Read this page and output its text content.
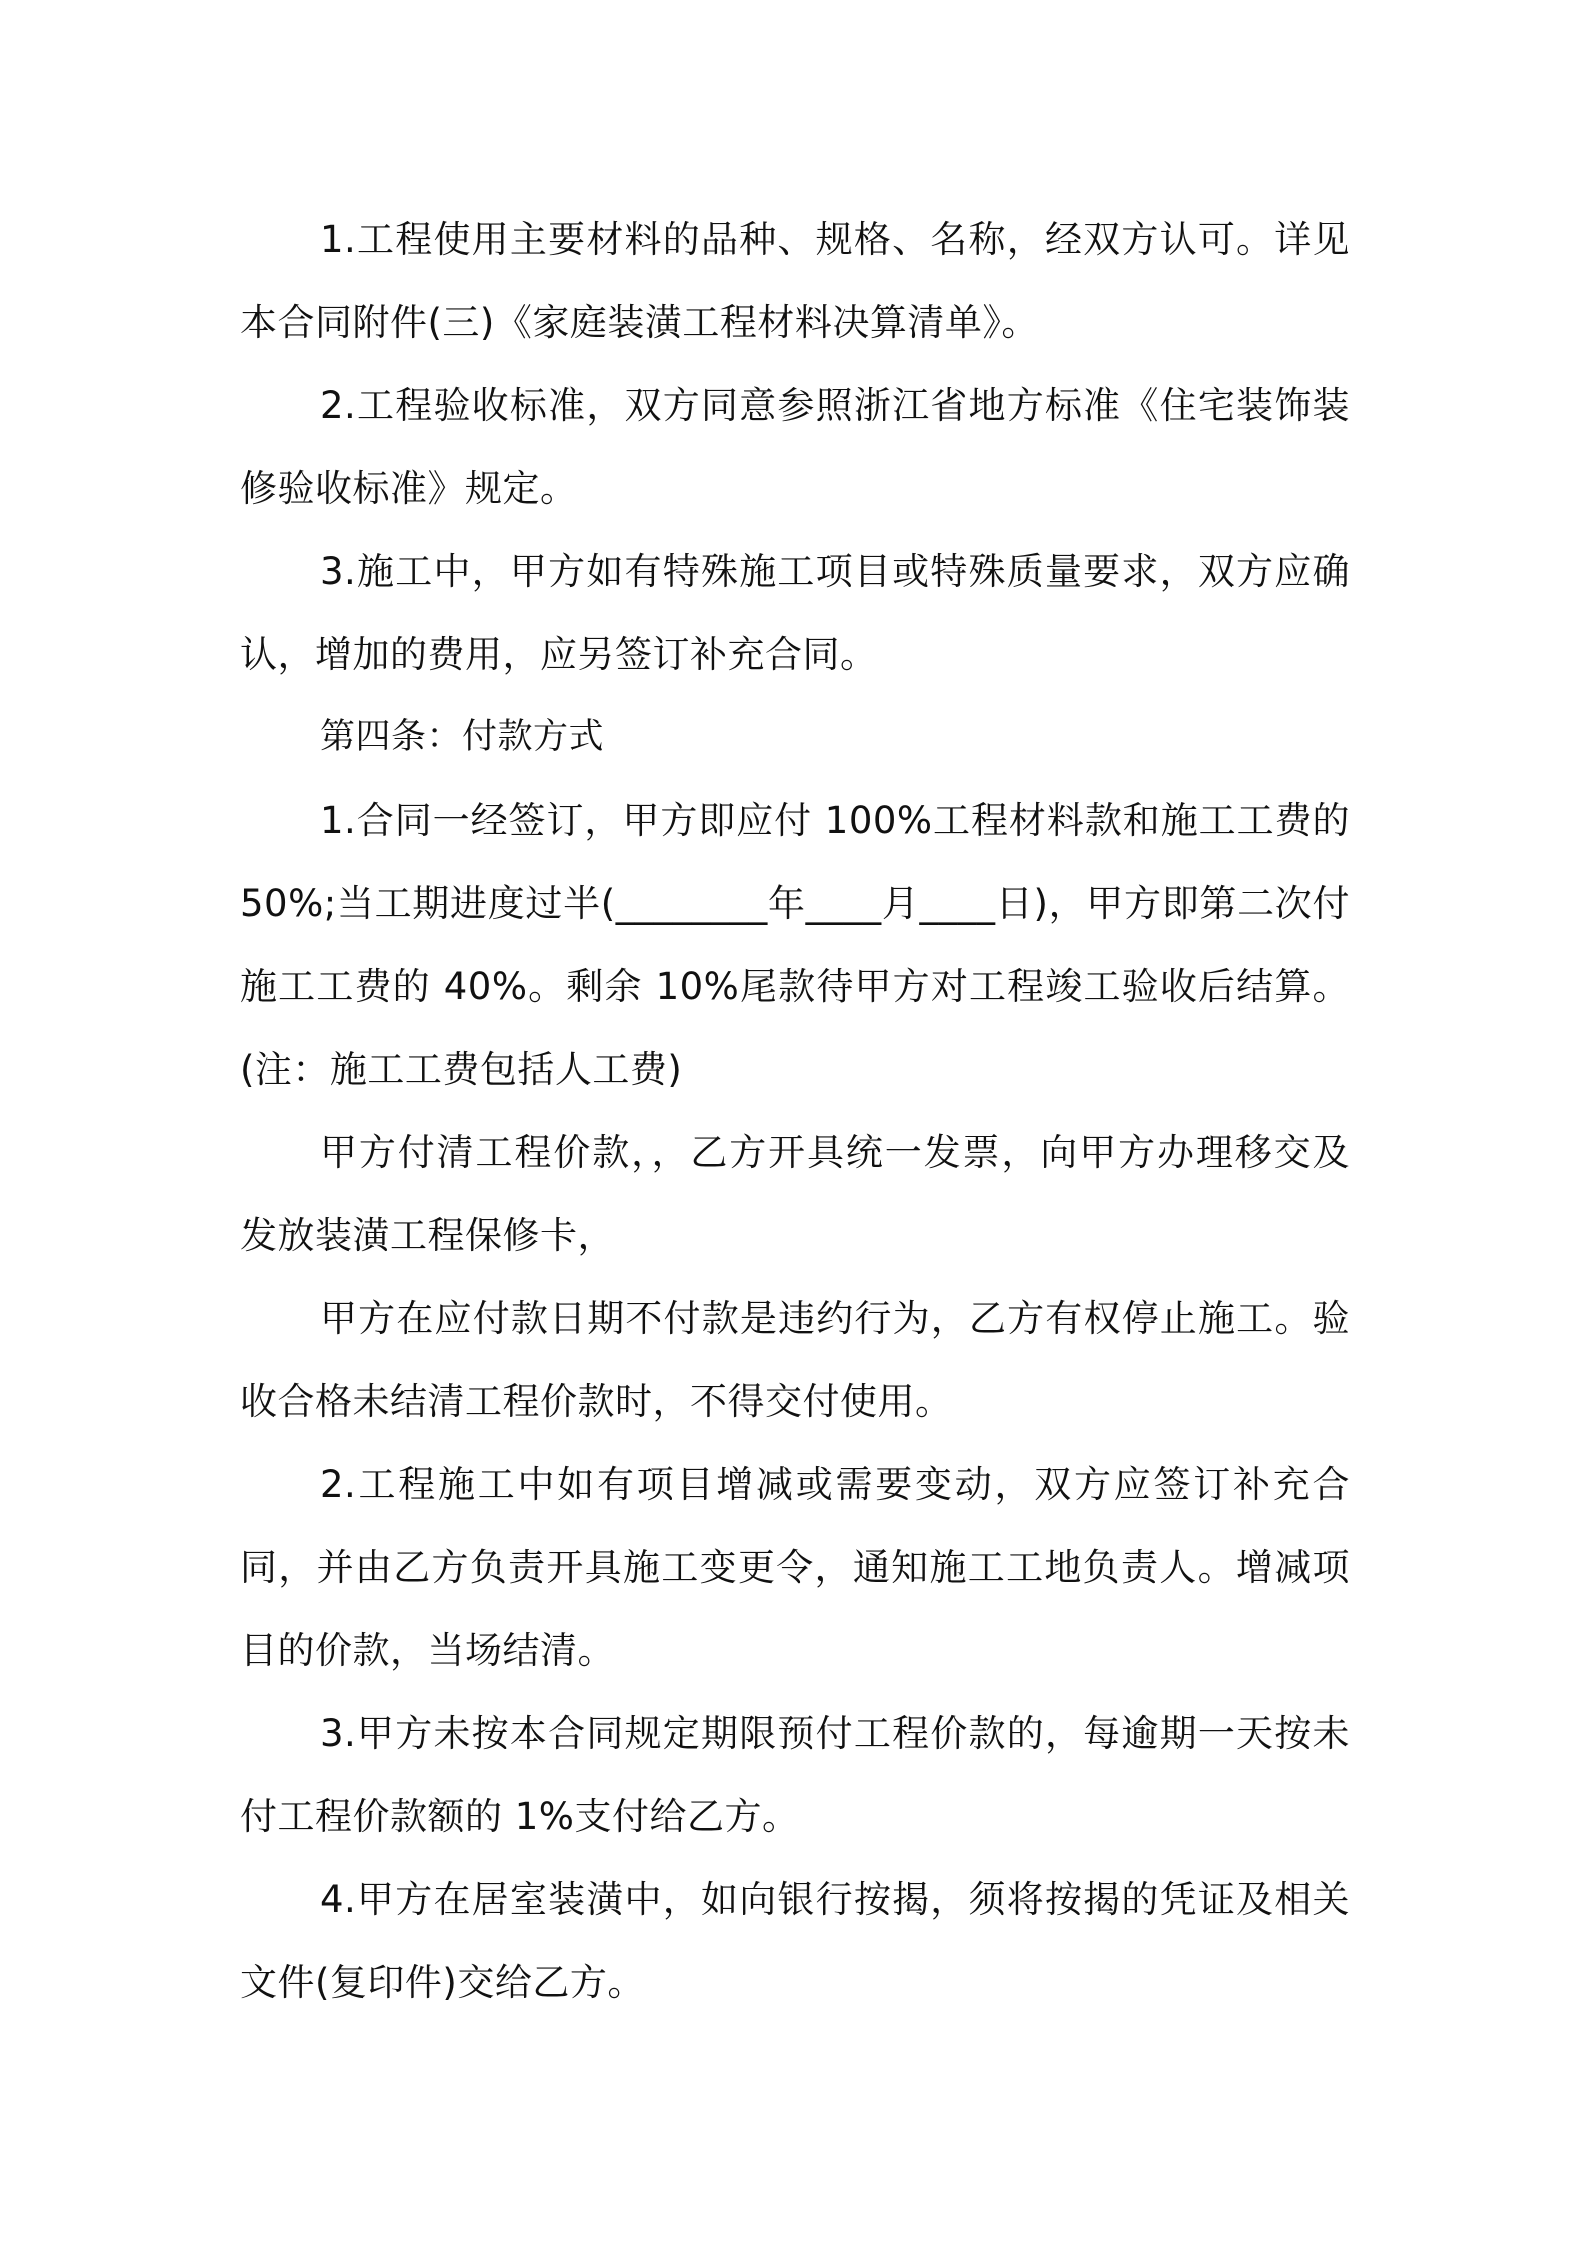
1.工程使用主要材料的品种、规格、名称，经双方认可。详见本合同附件(三)《家庭装潢工程材料决算清单》。

2.工程验收标准，双方同意参照浙江省地方标准《住宅装饰装修验收标准》规定。

3.施工中，甲方如有特殊施工项目或特殊质量要求，双方应确认，增加的费用，应另签订补充合同。

第四条：付款方式

1.合同一经签订，甲方即应付 100%工程材料款和施工工费的 50%;当工期进度过半(________年____月____日)，甲方即第二次付施工工费的 40%。剩余 10%尾款待甲方对工程竣工验收后结算。(注：施工工费包括人工费)

甲方付清工程价款，，乙方开具统一发票，向甲方办理移交及发放装潢工程保修卡，

甲方在应付款日期不付款是违约行为，乙方有权停止施工。验收合格未结清工程价款时，不得交付使用。

2.工程施工中如有项目增减或需要变动，双方应签订补充合同，并由乙方负责开具施工变更令，通知施工工地负责人。增减项目的价款，当场结清。

3.甲方未按本合同规定期限预付工程价款的，每逾期一天按未付工程价款额的 1%支付给乙方。

4.甲方在居室装潢中，如向银行按揭，须将按揭的凭证及相关文件(复印件)交给乙方。
